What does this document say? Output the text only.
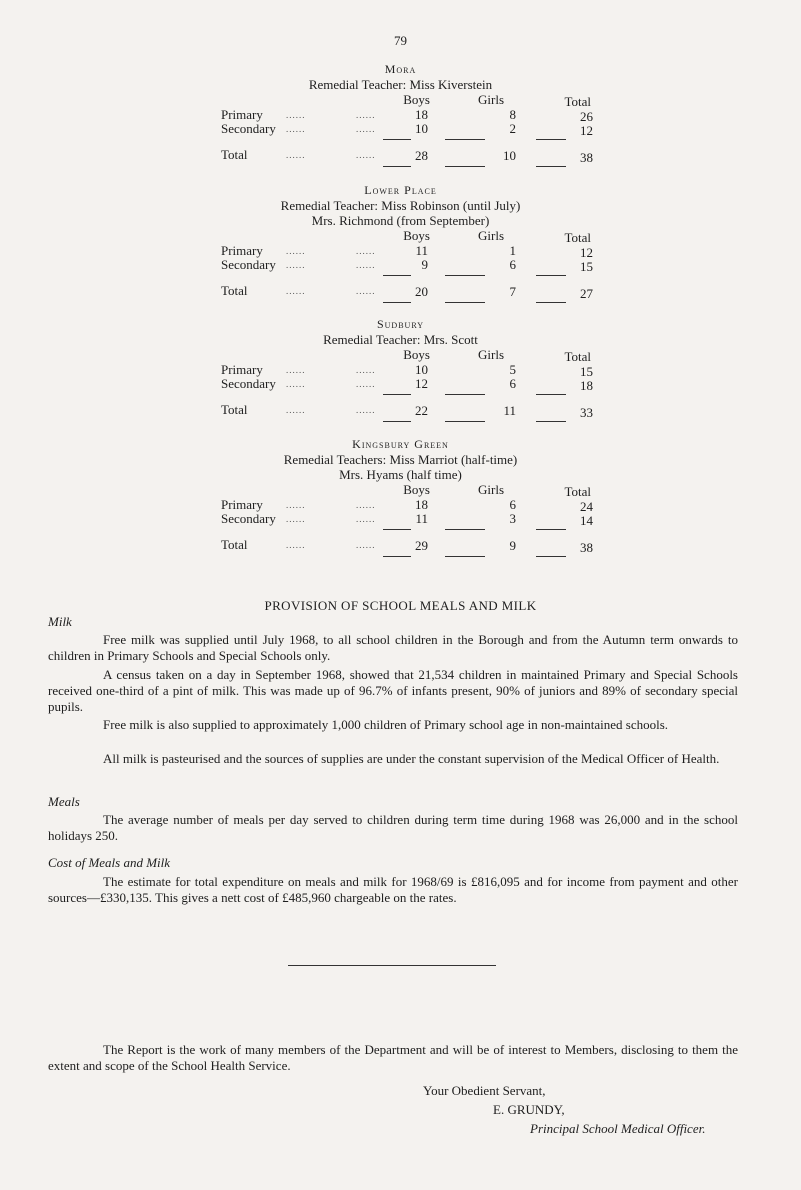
79
Mora
Remedial Teacher: Miss Kiverstein
Boys	Girls	Total
Primary	......	......	18	8	26
Secondary ......	......	10	2	12
Total	......	......	28	10	38
Lower Place
Remedial Teacher: Miss Robinson (until July)
Mrs. Richmond (from September)
Boys	Girls	Total
Primary	......	......	11	1	12
Secondary ......	......	9	6	15
Total	......	......	20	7	27
Sudbury
Remedial Teacher: Mrs. Scott
Boys	Girls	Total
Primary	......	......	10	5	15
Secondary ......	......	12	6	18
Total	......	......	22	11	33
Kingsbury Green
Remedial Teachers: Miss Marriot (half-time)
Mrs. Hyams (half time)
Boys	Girls	Total
Primary	......	......	18	6	24
Secondary ......	......	11	3	14
Total	......	......	29	9	38
PROVISION OF SCHOOL MEALS AND MILK
Milk

Free milk was supplied until July 1968, to all school children in the Borough and from the Autumn term onwards to children in Primary Schools and Special Schools only.

A census taken on a day in September 1968, showed that 21,534 children in maintained Primary and Special Schools received one-third of a pint of milk. This was made up of 96.7% of infants present, 90% of juniors and 89% of secondary special pupils.

Free milk is also supplied to approximately 1,000 children of Primary school age in non-maintained schools.

All milk is pasteurised and the sources of supplies are under the constant supervision of the Medical Officer of Health.

Meals

The average number of meals per day served to children during term time during 1968 was 26,000 and in the school holidays 250.

Cost of Meals and Milk

The estimate for total expenditure on meals and milk for 1968/69 is £816,095 and for income from payment and other sources—£330,135. This gives a nett cost of £485,960 chargeable on the rates.

The Report is the work of many members of the Department and will be of interest to Members, disclosing to them the extent and scope of the School Health Service.

Your Obedient Servant,
E. GRUNDY,
Principal School Medical Officer.
